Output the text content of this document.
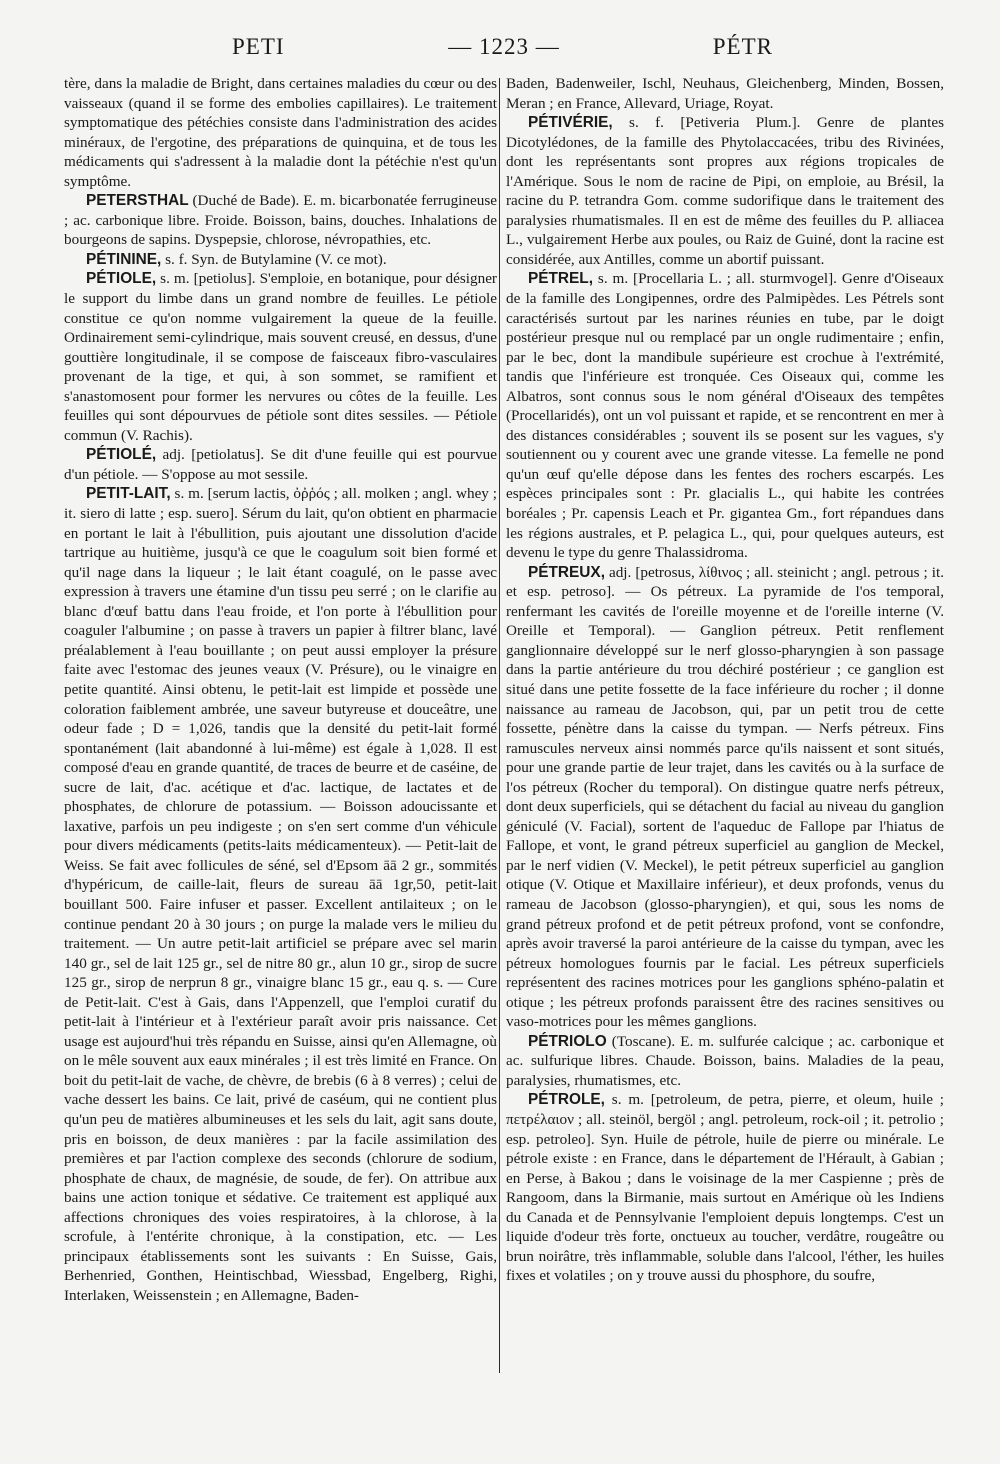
PETI	— 1223 —	PÉTR

tère, dans la maladie de Bright, dans certaines maladies du cœur ou des vaisseaux (quand il se forme des embolies capillaires). Le traitement symptomatique des pétéchies consiste dans l'administration des acides minéraux, de l'ergotine, des préparations de quinquina, et de tous les médicaments qui s'adressent à la maladie dont la pétéchie n'est qu'un symptôme.

PETERSTHAL (Duché de Bade). E. m. bicarbonatée ferrugineuse ; ac. carbonique libre. Froide. Boisson, bains, douches. Inhalations de bourgeons de sapins. Dyspepsie, chlorose, névropathies, etc.

PÉTININE, s. f. Syn. de Butylamine (V. ce mot).

PÉTIOLE, s. m. [petiolus]. S'emploie, en botanique, pour désigner le support du limbe dans un grand nombre de feuilles. Le pétiole constitue ce qu'on nomme vulgairement la queue de la feuille. Ordinairement semi-cylindrique, mais souvent creusé, en dessus, d'une gouttière longitudinale, il se compose de faisceaux fibro-vasculaires provenant de la tige, et qui, à son sommet, se ramifient et s'anastomosent pour former les nervures ou côtes de la feuille. Les feuilles qui sont dépourvues de pétiole sont dites sessiles. — Pétiole commun (V. Rachis).

PÉTIOLÉ, adj. [petiolatus]. Se dit d'une feuille qui est pourvue d'un pétiole. — S'oppose au mot sessile.

PETIT-LAIT, s. m. [serum lactis, ὀῤῥός ; all. molken ; angl. whey ; it. siero di latte ; esp. suero]. Sérum du lait, qu'on obtient en pharmacie en portant le lait à l'ébullition, puis ajoutant une dissolution d'acide tartrique au huitième, jusqu'à ce que le coagulum soit bien formé et qu'il nage dans la liqueur ; le lait étant coagulé, on le passe avec expression à travers une étamine d'un tissu peu serré ; on le clarifie au blanc d'œuf battu dans l'eau froide, et l'on porte à l'ébullition pour coaguler l'albumine ; on passe à travers un papier à filtrer blanc, lavé préalablement à l'eau bouillante ; on peut aussi employer la présure faite avec l'estomac des jeunes veaux (V. Présure), ou le vinaigre en petite quantité. Ainsi obtenu, le petit-lait est limpide et possède une coloration faiblement ambrée, une saveur butyreuse et douceâtre, une odeur fade ; D = 1,026, tandis que la densité du petit-lait formé spontanément (lait abandonné à lui-même) est égale à 1,028. Il est composé d'eau en grande quantité, de traces de beurre et de caséine, de sucre de lait, d'ac. acétique et d'ac. lactique, de lactates et de phosphates, de chlorure de potassium. — Boisson adoucissante et laxative, parfois un peu indigeste ; on s'en sert comme d'un véhicule pour divers médicaments (petits-laits médicamenteux). — Petit-lait de Weiss. Se fait avec follicules de séné, sel d'Epsom āā 2 gr., sommités d'hypéricum, de caille-lait, fleurs de sureau āā 1gr,50, petit-lait bouillant 500. Faire infuser et passer. Excellent antilaiteux ; on le continue pendant 20 à 30 jours ; on purge la malade vers le milieu du traitement. — Un autre petit-lait artificiel se prépare avec sel marin 140 gr., sel de lait 125 gr., sel de nitre 80 gr., alun 10 gr., sirop de sucre 125 gr., sirop de nerprun 8 gr., vinaigre blanc 15 gr., eau q. s. — Cure de Petit-lait. C'est à Gais, dans l'Appenzell, que l'emploi curatif du petit-lait à l'intérieur et à l'extérieur paraît avoir pris naissance. Cet usage est aujourd'hui très répandu en Suisse, ainsi qu'en Allemagne, où on le mêle souvent aux eaux minérales ; il est très limité en France. On boit du petit-lait de vache, de chèvre, de brebis (6 à 8 verres) ; celui de vache dessert les bains. Ce lait, privé de caséum, qui ne contient plus qu'un peu de matières albumineuses et les sels du lait, agit sans doute, pris en boisson, de deux manières : par la facile assimilation des premières et par l'action complexe des seconds (chlorure de sodium, phosphate de chaux, de magnésie, de soude, de fer). On attribue aux bains une action tonique et sédative. Ce traitement est appliqué aux affections chroniques des voies respiratoires, à la chlorose, à la scrofule, à l'entérite chronique, à la constipation, etc. — Les principaux établissements sont les suivants : En Suisse, Gais, Berhenried, Gonthen, Heintischbad, Wiessbad, Engelberg, Righi, Interlaken, Weissenstein ; en Allemagne, Baden-

Baden, Badenweiler, Ischl, Neuhaus, Gleichenberg, Minden, Bossen, Meran ; en France, Allevard, Uriage, Royat.

PÉTIVÉRIE, s. f. [Petiveria Plum.]. Genre de plantes Dicotylédones, de la famille des Phytolaccacées, tribu des Rivinées, dont les représentants sont propres aux régions tropicales de l'Amérique. Sous le nom de racine de Pipi, on emploie, au Brésil, la racine du P. tetrandra Gom. comme sudorifique dans le traitement des paralysies rhumatismales. Il en est de même des feuilles du P. alliacea L., vulgairement Herbe aux poules, ou Raiz de Guiné, dont la racine est considérée, aux Antilles, comme un abortif puissant.

PÉTREL, s. m. [Procellaria L. ; all. sturmvogel]. Genre d'Oiseaux de la famille des Longipennes, ordre des Palmipèdes. Les Pétrels sont caractérisés surtout par les narines réunies en tube, par le doigt postérieur presque nul ou remplacé par un ongle rudimentaire ; enfin, par le bec, dont la mandibule supérieure est crochue à l'extrémité, tandis que l'inférieure est tronquée. Ces Oiseaux qui, comme les Albatros, sont connus sous le nom général d'Oiseaux des tempêtes (Procellaridés), ont un vol puissant et rapide, et se rencontrent en mer à des distances considérables ; souvent ils se posent sur les vagues, s'y soutiennent ou y courent avec une grande vitesse. La femelle ne pond qu'un œuf qu'elle dépose dans les fentes des rochers escarpés. Les espèces principales sont : Pr. glacialis L., qui habite les contrées boréales ; Pr. capensis Leach et Pr. gigantea Gm., fort répandues dans les régions australes, et P. pelagica L., qui, pour quelques auteurs, est devenu le type du genre Thalassidroma.

PÉTREUX, adj. [petrosus, λίθινος ; all. steinicht ; angl. petrous ; it. et esp. petroso]. — Os pétreux. La pyramide de l'os temporal, renfermant les cavités de l'oreille moyenne et de l'oreille interne (V. Oreille et Temporal). — Ganglion pétreux. Petit renflement ganglionnaire développé sur le nerf glosso-pharyngien à son passage dans la partie antérieure du trou déchiré postérieur ; ce ganglion est situé dans une petite fossette de la face inférieure du rocher ; il donne naissance au rameau de Jacobson, qui, par un petit trou de cette fossette, pénètre dans la caisse du tympan. — Nerfs pétreux. Fins ramuscules nerveux ainsi nommés parce qu'ils naissent et sont situés, pour une grande partie de leur trajet, dans les cavités ou à la surface de l'os pétreux (Rocher du temporal). On distingue quatre nerfs pétreux, dont deux superficiels, qui se détachent du facial au niveau du ganglion géniculé (V. Facial), sortent de l'aqueduc de Fallope par l'hiatus de Fallope, et vont, le grand pétreux superficiel au ganglion de Meckel, par le nerf vidien (V. Meckel), le petit pétreux superficiel au ganglion otique (V. Otique et Maxillaire inférieur), et deux profonds, venus du rameau de Jacobson (glosso-pharyngien), et qui, sous les noms de grand pétreux profond et de petit pétreux profond, vont se confondre, après avoir traversé la paroi antérieure de la caisse du tympan, avec les pétreux homologues fournis par le facial. Les pétreux superficiels représentent des racines motrices pour les ganglions sphéno-palatin et otique ; les pétreux profonds paraissent être des racines sensitives ou vaso-motrices pour les mêmes ganglions.

PÉTRIOLO (Toscane). E. m. sulfurée calcique ; ac. carbonique et ac. sulfurique libres. Chaude. Boisson, bains. Maladies de la peau, paralysies, rhumatismes, etc.

PÉTROLE, s. m. [petroleum, de petra, pierre, et oleum, huile ; πετρέλαιον ; all. steinöl, bergöl ; angl. petroleum, rock-oil ; it. petrolio ; esp. petroleo]. Syn. Huile de pétrole, huile de pierre ou minérale. Le pétrole existe : en France, dans le département de l'Hérault, à Gabian ; en Perse, à Bakou ; dans le voisinage de la mer Caspienne ; près de Rangoom, dans la Birmanie, mais surtout en Amérique où les Indiens du Canada et de Pennsylvanie l'emploient depuis longtemps. C'est un liquide d'odeur très forte, onctueux au toucher, verdâtre, rougeâtre ou brun noirâtre, très inflammable, soluble dans l'alcool, l'éther, les huiles fixes et volatiles ; on y trouve aussi du phosphore, du soufre,
